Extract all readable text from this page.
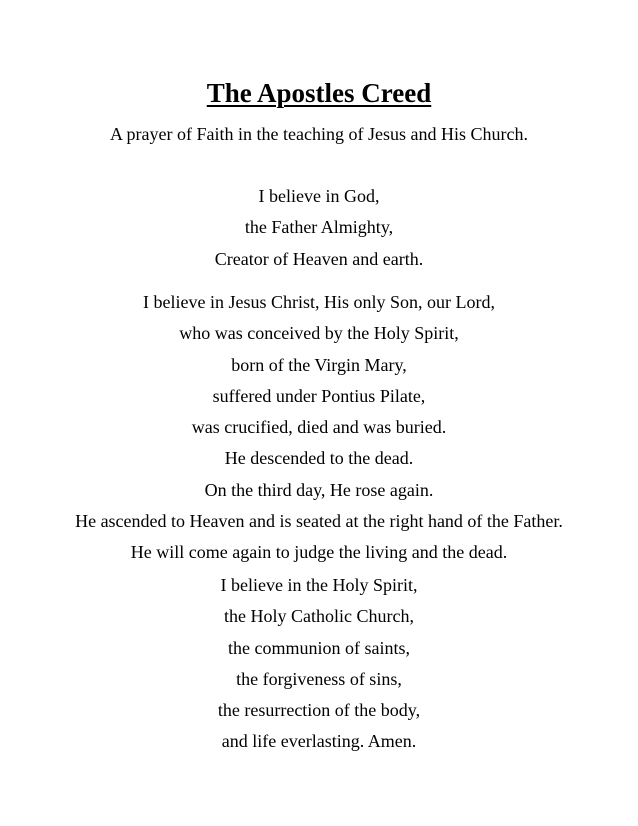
The Apostles Creed

A prayer of Faith in the teaching of Jesus and His Church.

I believe in God,
the Father Almighty,
Creator of Heaven and earth.
I believe in Jesus Christ, His only Son, our Lord,
who was conceived by the Holy Spirit,
born of the Virgin Mary,
suffered under Pontius Pilate,
was crucified, died and was buried.
He descended to the dead.
On the third day, He rose again.
He ascended to Heaven and is seated at the right hand of the Father.
He will come again to judge the living and the dead.
I believe in the Holy Spirit,
the Holy Catholic Church,
the communion of saints,
the forgiveness of sins,
the resurrection of the body,
and life everlasting. Amen.
